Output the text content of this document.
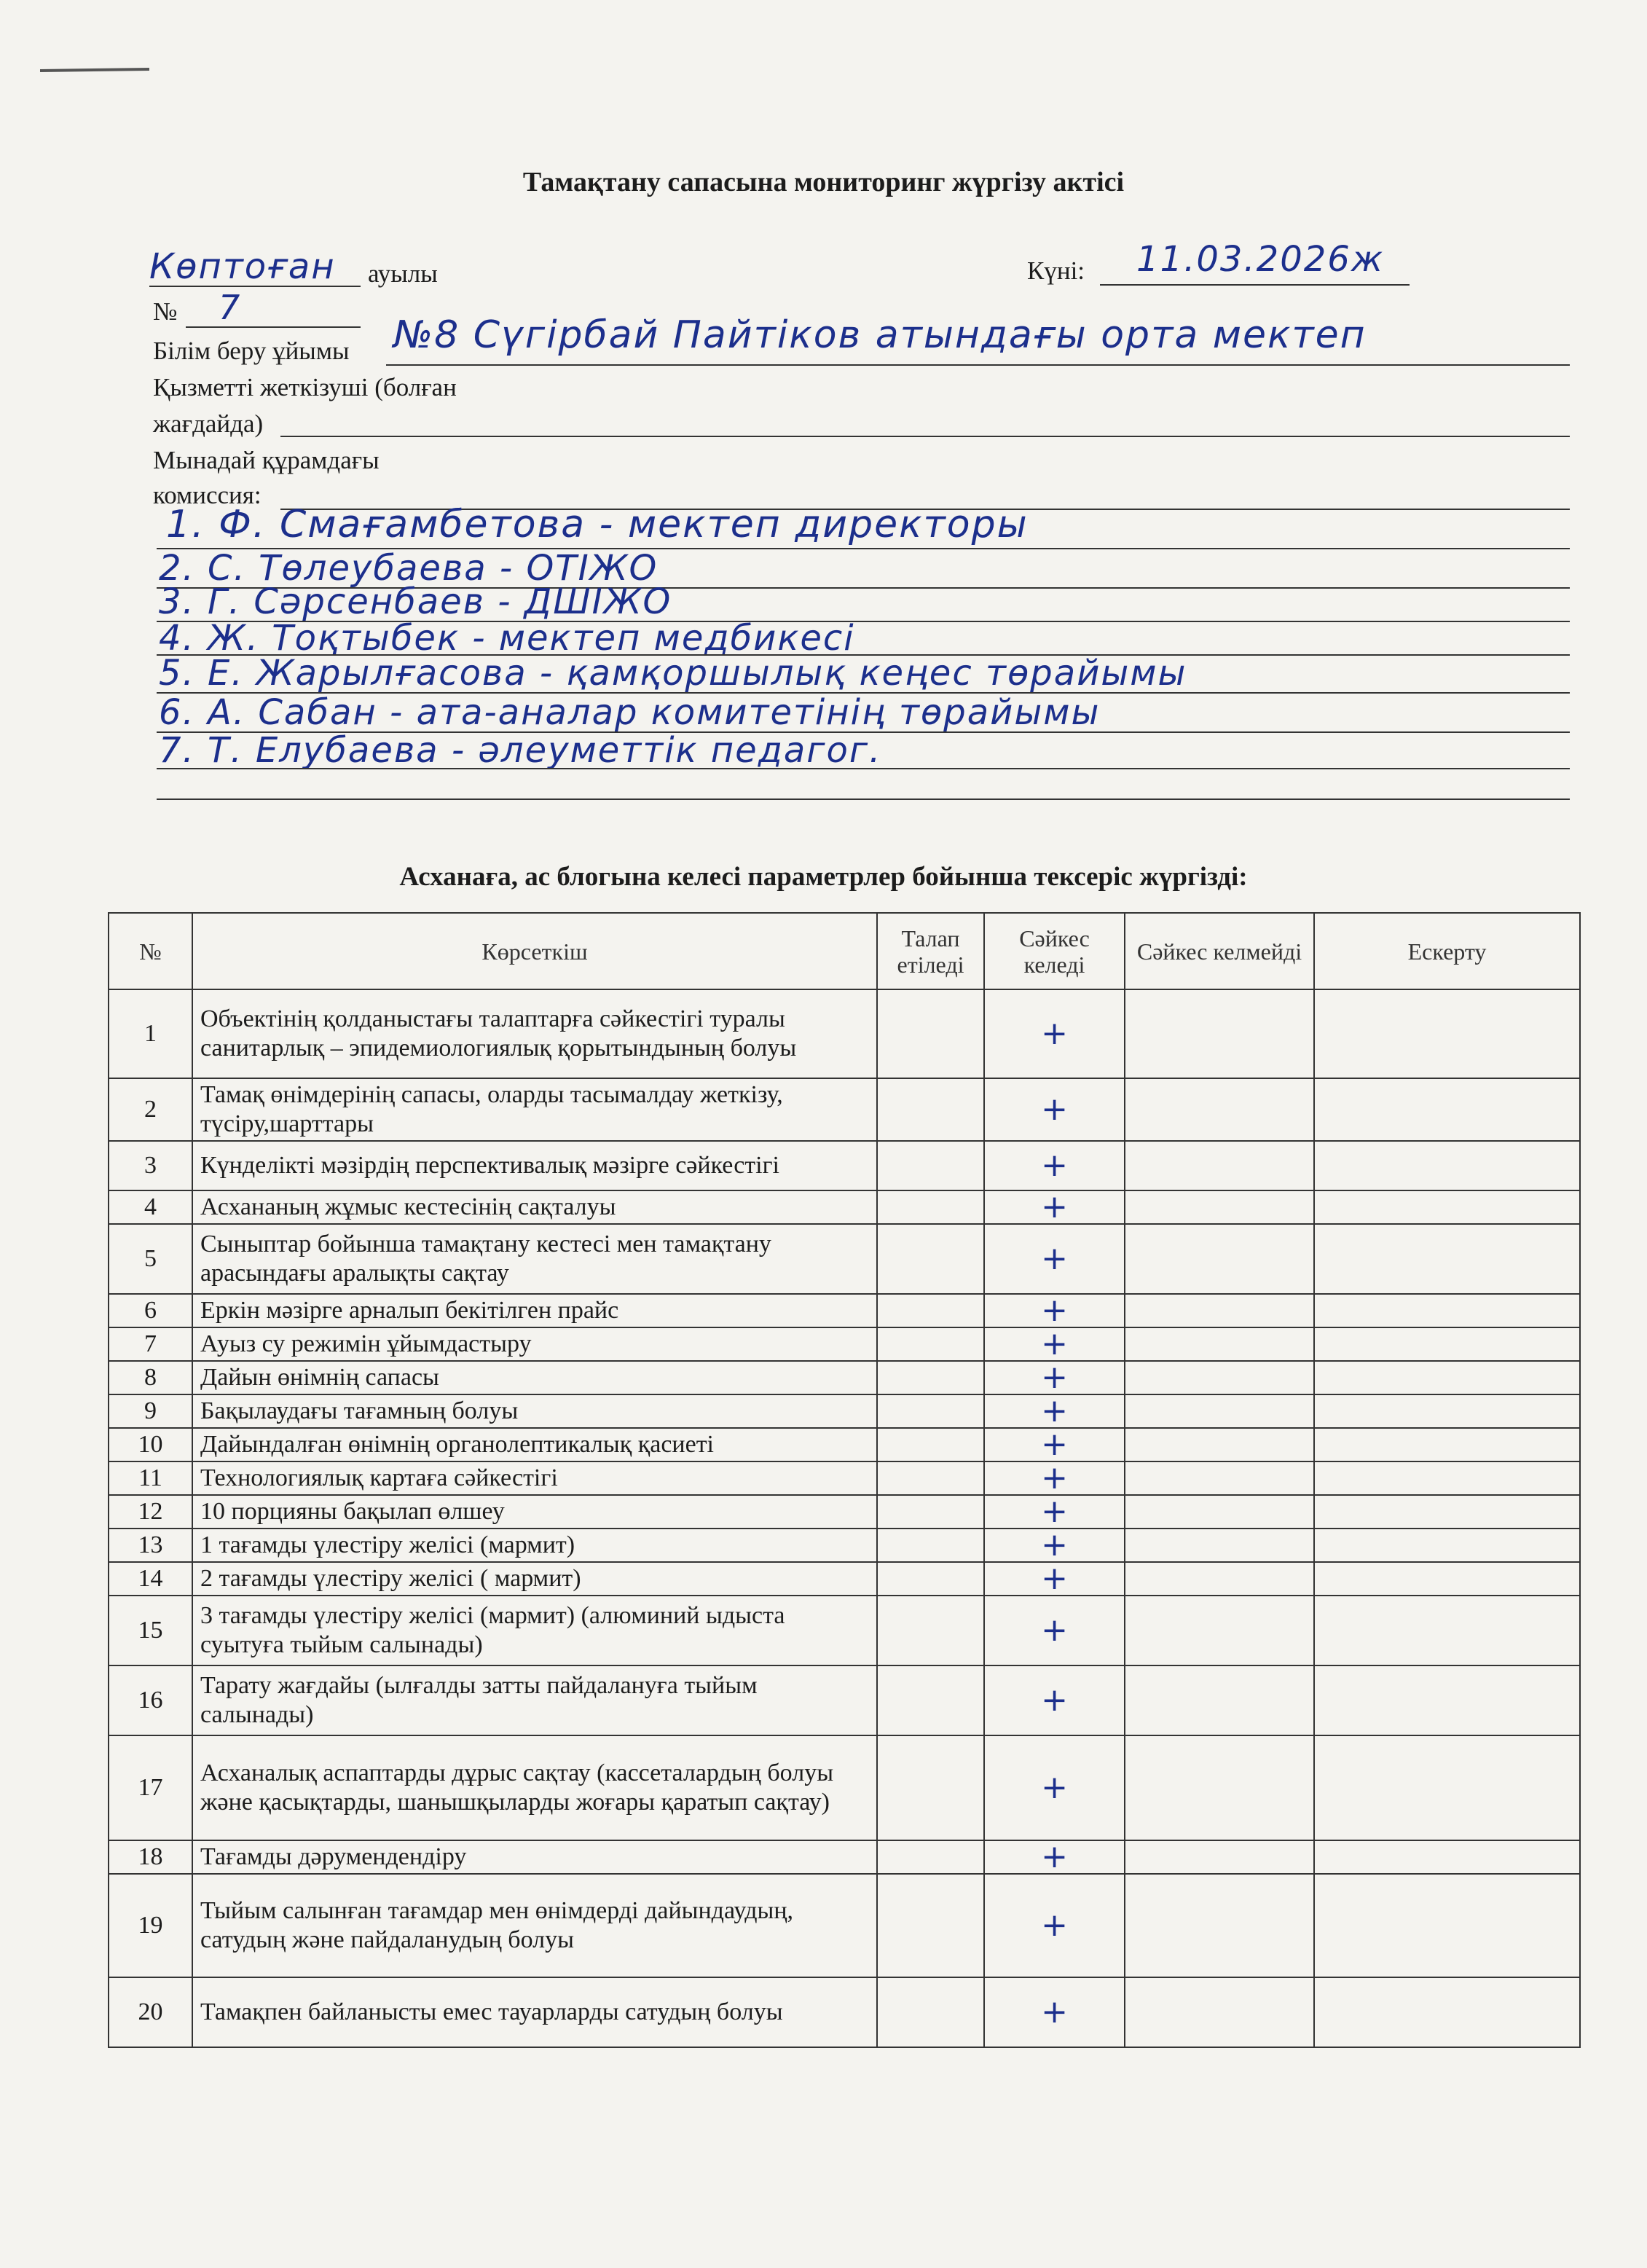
Тамақтану сапасына мониторинг жүргізу актісі
Көптоған ауылы	Күні: 11.03.2026ж
№ 7
Білім беру ұйымы №8 Сүгірбай Пайтіков атындағы орта мектеп
Қызметті жеткізуші (болған
жағдайда)
Мынадай құрамдағы
комиссия:
1. Ф. Смағамбетова - мектеп директоры
2. С. Төлеубаева - ОТІЖО
3. Г. Сәрсенбаев - ДШІЖО
4. Ж. Тоқтыбек - мектеп медбикесі
5. Е. Жарылғасова - қамқоршылық кеңес төрайымы
6. А. Сабан - ата-аналар комитетінің төрайымы
7. Т. Елубаева - әлеуметтік педагог.
Асханаға, ас блогына келесі параметрлер бойынша тексеріс жүргізді:
№	Көрсеткіш	Талап етіледі	Сәйкес келеді	Сәйкес келмейді	Ескерту
1	Объектінің қолданыстағы талаптарға сәйкестігі туралы санитарлық – эпидемиологиялық қорытындының болуы		+		
2	Тамақ өнімдерінің сапасы, оларды тасымалдау жеткізу, түсіру,шарттары		+		
3	Күнделікті мәзірдің перспективалық мәзірге сәйкестігі		+		
4	Асхананың жұмыс кестесінің сақталуы		+		
5	Сыныптар бойынша тамақтану кестесі мен тамақтану арасындағы аралықты сақтау		+		
6	Еркін мәзірге арналып бекітілген прайс		+		
7	Ауыз су режимін ұйымдастыру		+		
8	Дайын өнімнің сапасы		+		
9	Бақылаудағы тағамның болуы		+		
10	Дайындалған өнімнің органолептикалық қасиеті		+		
11	Технологиялық картаға сәйкестігі		+		
12	10 порцияны бақылап өлшеу		+		
13	1 тағамды үлестіру желісі (мармит)		+		
14	2 тағамды үлестіру желісі ( мармит)		+		
15	3 тағамды үлестіру желісі (мармит) (алюминий ыдыста суытуға тыйым салынады)		+		
16	Тарату жағдайы (ылғалды затты пайдалануға тыйым салынады)		+		
17	Асханалық аспаптарды дұрыс сақтау (кассеталардың болуы және қасықтарды, шанышқыларды жоғары қаратып сақтау)		+		
18	Тағамды дәрумендендіру		+		
19	Тыйым салынған тағамдар мен өнімдерді дайындаудың, сатудың және пайдаланудың болуы		+		
20	Тамақпен байланысты емес тауарларды сатудың болуы		+		
